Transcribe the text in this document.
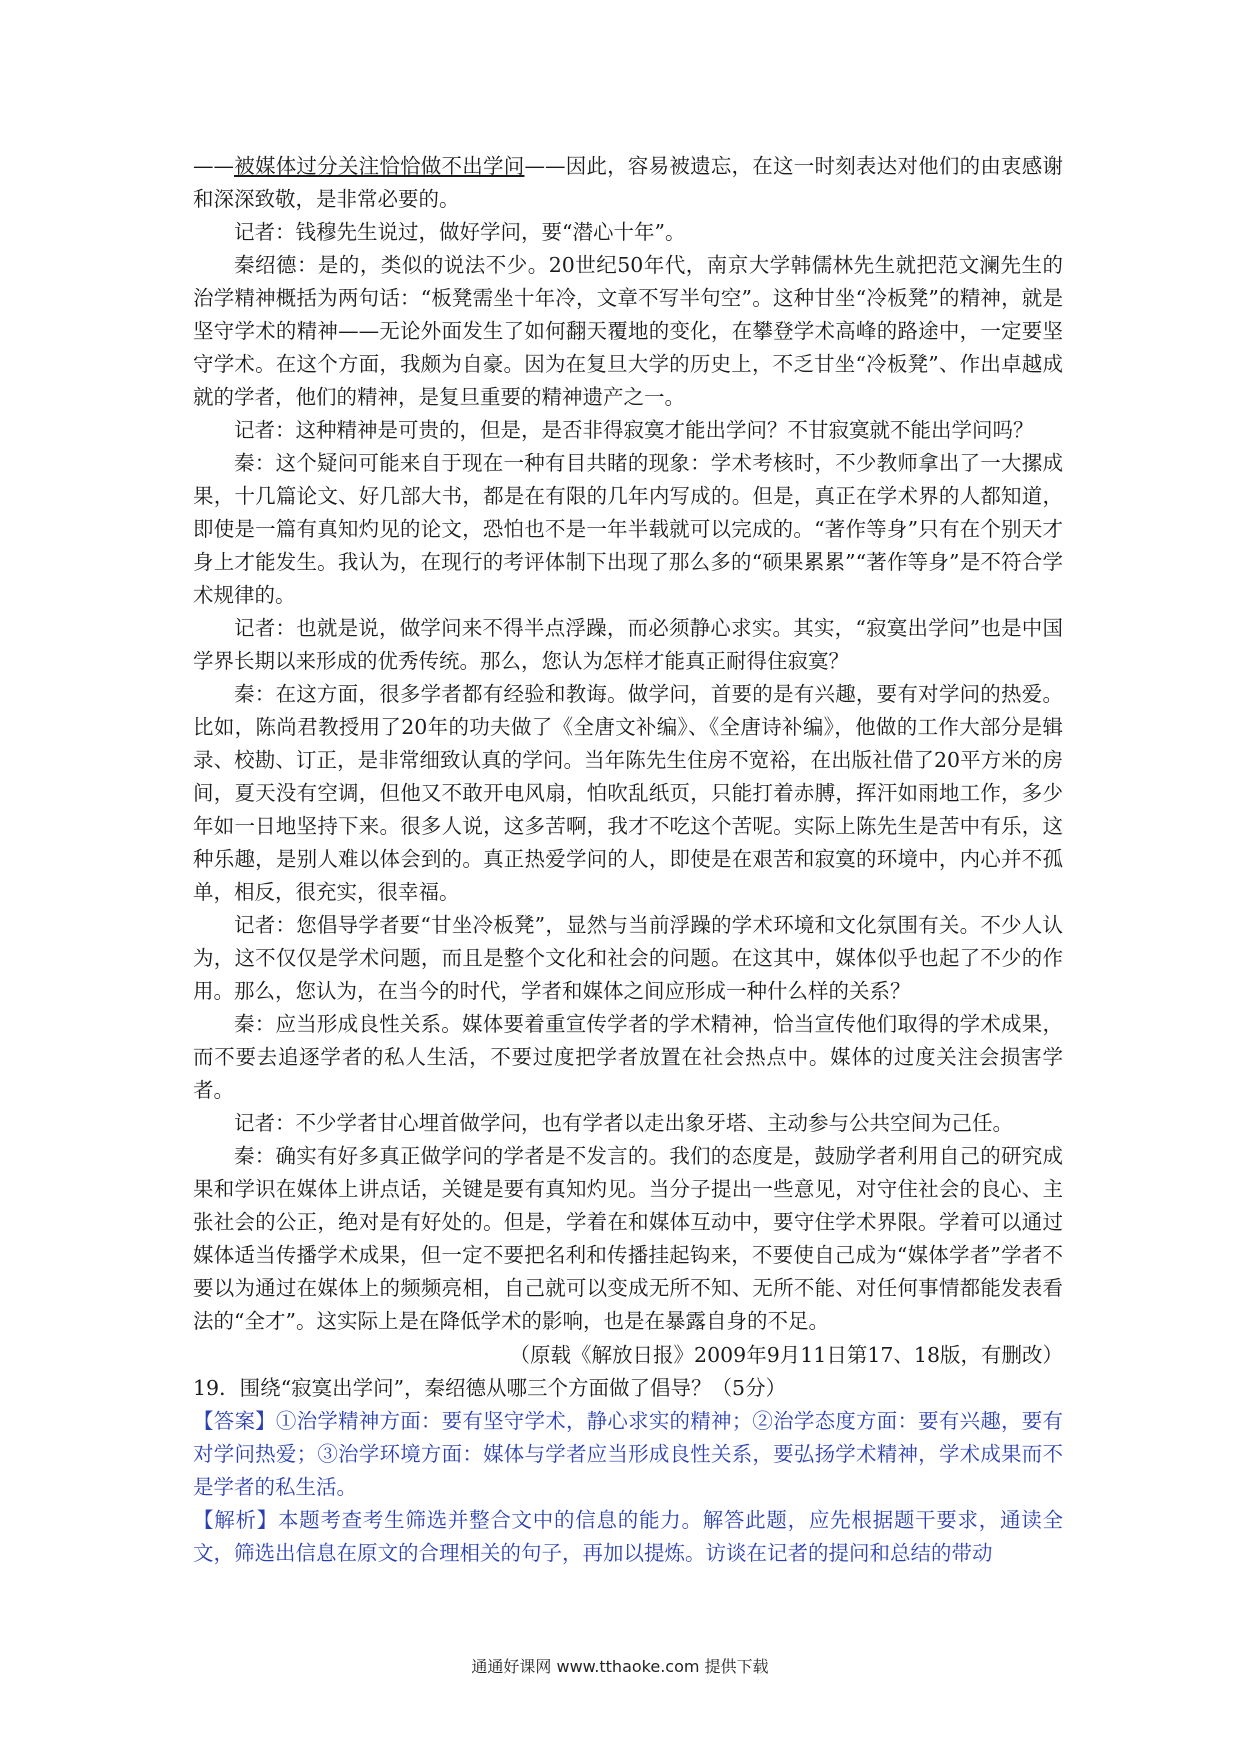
——被媒体过分关注恰恰做不出学问——因此，容易被遗忘，在这一时刻表达对他们的由衷感谢和深深致敬，是非常必要的。

记者：钱穆先生说过，做好学问，要“潜心十年”。

秦绍德：是的，类似的说法不少。20世纪50年代，南京大学韩儒林先生就把范文澜先生的治学精神概括为两句话：“板凳需坐十年冷，文章不写半句空”。这种甘坐“冷板凳”的精神，就是坚守学术的精神——无论外面发生了如何翻天覆地的变化，在攀登学术高峰的路途中，一定要坚守学术。在这个方面，我颇为自豪。因为在复旦大学的历史上，不乏甘坐“冷板凳”、作出卓越成就的学者，他们的精神，是复旦重要的精神遗产之一。

记者：这种精神是可贵的，但是，是否非得寂寞才能出学问？不甘寂寞就不能出学问吗？

秦：这个疑问可能来自于现在一种有目共睹的现象：学术考核时，不少教师拿出了一大摞成果，十几篇论文、好几部大书，都是在有限的几年内写成的。但是，真正在学术界的人都知道，即使是一篇有真知灼见的论文，恐怕也不是一年半载就可以完成的。“著作等身”只有在个别天才身上才能发生。我认为，在现行的考评体制下出现了那么多的“硕果累累”“著作等身”是不符合学术规律的。

记者：也就是说，做学问来不得半点浮躁，而必须静心求实。其实，“寂寞出学问”也是中国学界长期以来形成的优秀传统。那么，您认为怎样才能真正耐得住寂寞？

秦：在这方面，很多学者都有经验和教诲。做学问，首要的是有兴趣，要有对学问的热爱。比如，陈尚君教授用了20年的功夫做了《全唐文补编》、《全唐诗补编》，他做的工作大部分是辑录、校勘、订正，是非常细致认真的学问。当年陈先生住房不宽裕，在出版社借了20平方米的房间，夏天没有空调，但他又不敢开电风扇，怕吹乱纸页，只能打着赤膊，挥汗如雨地工作，多少年如一日地坚持下来。很多人说，这多苦啊，我才不吃这个苦呢。实际上陈先生是苦中有乐，这种乐趣，是别人难以体会到的。真正热爱学问的人，即使是在艰苦和寂寞的环境中，内心并不孤单，相反，很充实，很幸福。

记者：您倡导学者要“甘坐冷板凳”，显然与当前浮躁的学术环境和文化氛围有关。不少人认为，这不仅仅是学术问题，而且是整个文化和社会的问题。在这其中，媒体似乎也起了不少的作用。那么，您认为，在当今的时代，学者和媒体之间应形成一种什么样的关系？

秦：应当形成良性关系。媒体要着重宣传学者的学术精神，恰当宣传他们取得的学术成果，而不要去追逐学者的私人生活，不要过度把学者放置在社会热点中。媒体的过度关注会损害学者。

记者：不少学者甘心埋首做学问，也有学者以走出象牙塔、主动参与公共空间为己任。

秦：确实有好多真正做学问的学者是不发言的。我们的态度是，鼓励学者利用自己的研究成果和学识在媒体上讲点话，关键是要有真知灼见。当分子提出一些意见，对守住社会的良心、主张社会的公正，绝对是有好处的。但是，学着在和媒体互动中，要守住学术界限。学着可以通过媒体适当传播学术成果，但一定不要把名利和传播挂起钩来，不要使自己成为“媒体学者”学者不要以为通过在媒体上的频频亮相，自己就可以变成无所不知、无所不能、对任何事情都能发表看法的“全才”。这实际上是在降低学术的影响，也是在暴露自身的不足。

（原载《解放日报》2009年9月11日第17、18版，有删改）

19．围绕“寂寞出学问”，秦绍德从哪三个方面做了倡导？（5分）

【答案】①治学精神方面：要有坚守学术，静心求实的精神；②治学态度方面：要有兴趣，要有对学问热爱；③治学环境方面：媒体与学者应当形成良性关系，要弘扬学术精神，学术成果而不是学者的私生活。

【解析】本题考查考生筛选并整合文中的信息的能力。解答此题，应先根据题干要求，通读全文，筛选出信息在原文的合理相关的句子，再加以提炼。访谈在记者的提问和总结的带动

通通好课网 www.tthaoke.com 提供下载
